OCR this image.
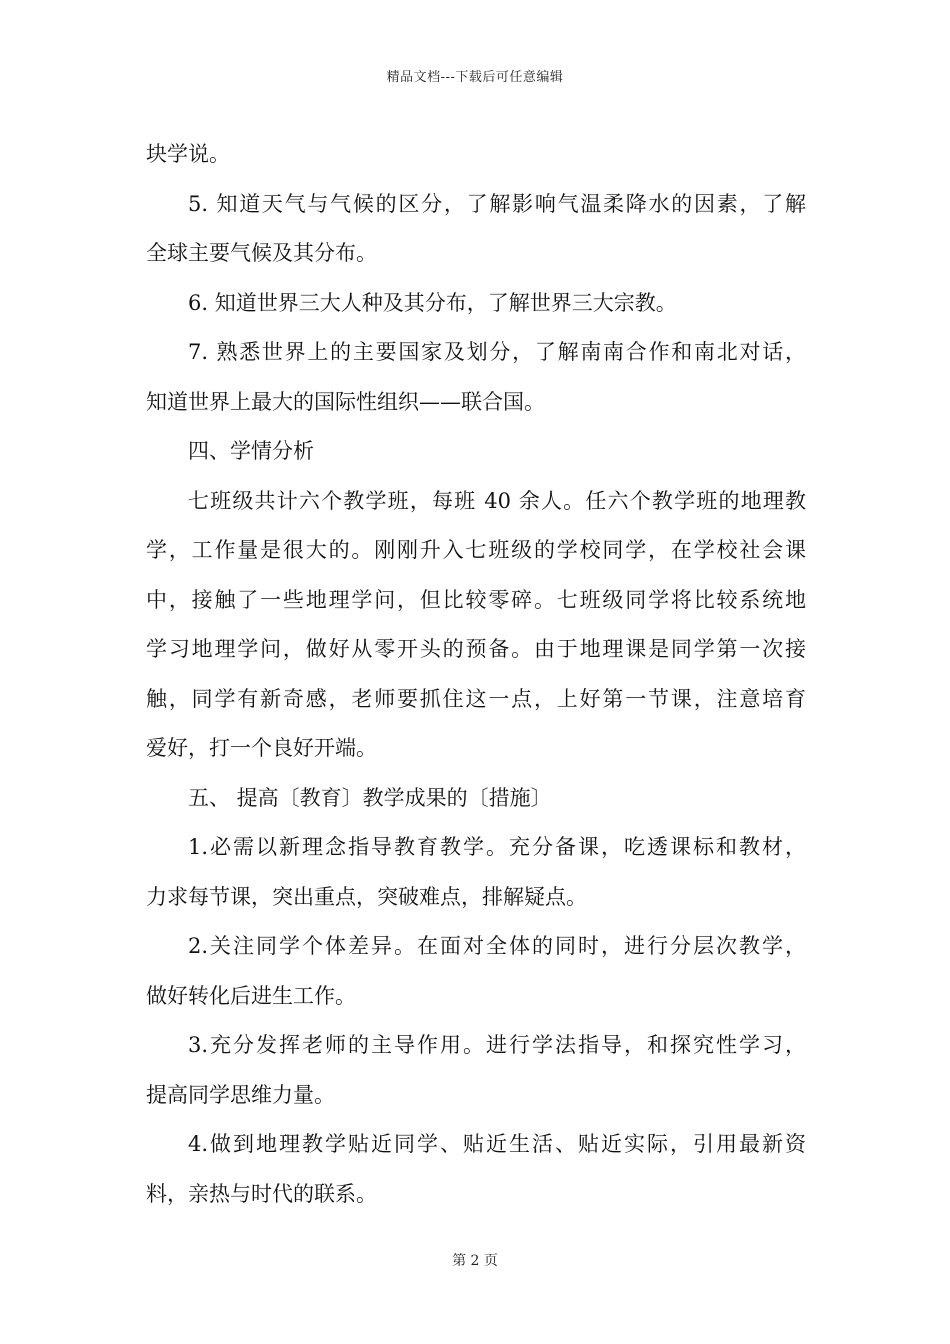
精品文档---下载后可任意编辑
块学说。
5. 知道天气与气候的区分，了解影响气温柔降水的因素，了解
全球主要气候及其分布。
6. 知道世界三大人种及其分布，了解世界三大宗教。
7. 熟悉世界上的主要国家及划分，了解南南合作和南北对话，
知道世界上最大的国际性组织——联合国。
四、学情分析
七班级共计六个教学班，每班 40 余人。任六个教学班的地理教
学，工作量是很大的。刚刚升入七班级的学校同学，在学校社会课
中，接触了一些地理学问，但比较零碎。七班级同学将比较系统地
学习地理学问，做好从零开头的预备。由于地理课是同学第一次接
触，同学有新奇感，老师要抓住这一点，上好第一节课，注意培育
爱好，打一个良好开端。
五、 提高〔教育〕教学成果的〔措施〕
1.必需以新理念指导教育教学。充分备课，吃透课标和教材，
力求每节课，突出重点，突破难点，排解疑点。
2.关注同学个体差异。在面对全体的同时，进行分层次教学，
做好转化后进生工作。
3.充分发挥老师的主导作用。进行学法指导，和探究性学习，
提高同学思维力量。
4.做到地理教学贴近同学、贴近生活、贴近实际，引用最新资
料，亲热与时代的联系。
第 2 页
